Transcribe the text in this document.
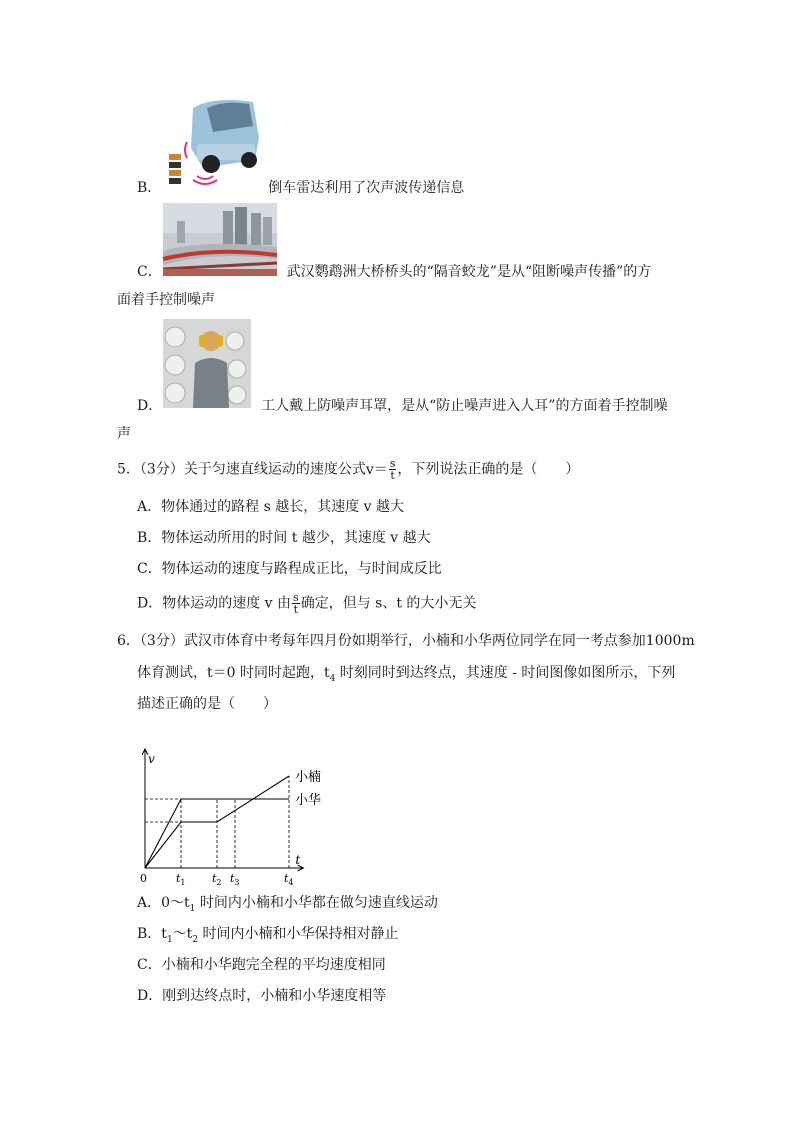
B．	倒车雷达利用了次声波传递信息
C．	武汉鹦鹉洲大桥桥头的“隔音蛟龙”是从“阻断噪声传播”的方
面着手控制噪声
D．	工人戴上防噪声耳罩，是从“防止噪声进入人耳”的方面着手控制噪
声
5．（3分）关于匀速直线运动的速度公式$v= \frac{s}{t}$ ，下列说法正确的是（　　）
A．物体通过的路程 s 越长，其速度 v 越大
B．物体运动所用的时间 t 越少，其速度 v 越大
C．物体运动的速度与路程成正比，与时间成反比
D．物体运动的速度 v 由 $\frac{s}{t}$ 确定，但与 s、t 的大小无关
6．（3分）武汉市体育中考每年四月份如期举行，小楠和小华两位同学在同一考点参加1000m
体育测试，t＝0 时同时起跑，$t_4$ 时刻同时到达终点，其速度 - 时间图像如图所示，下列
描述正确的是（　　）
v
t
0	$t_1$ $t_2$ $t_3$	$t_4$
小楠
小华
A．$0\sim t_1$ 时间内小楠和小华都在做匀速直线运动
B．$t_1\sim t_2$ 时间内小楠和小华保持相对静止
C．小楠和小华跑完全程的平均速度相同
D．刚到达终点时，小楠和小华速度相等
